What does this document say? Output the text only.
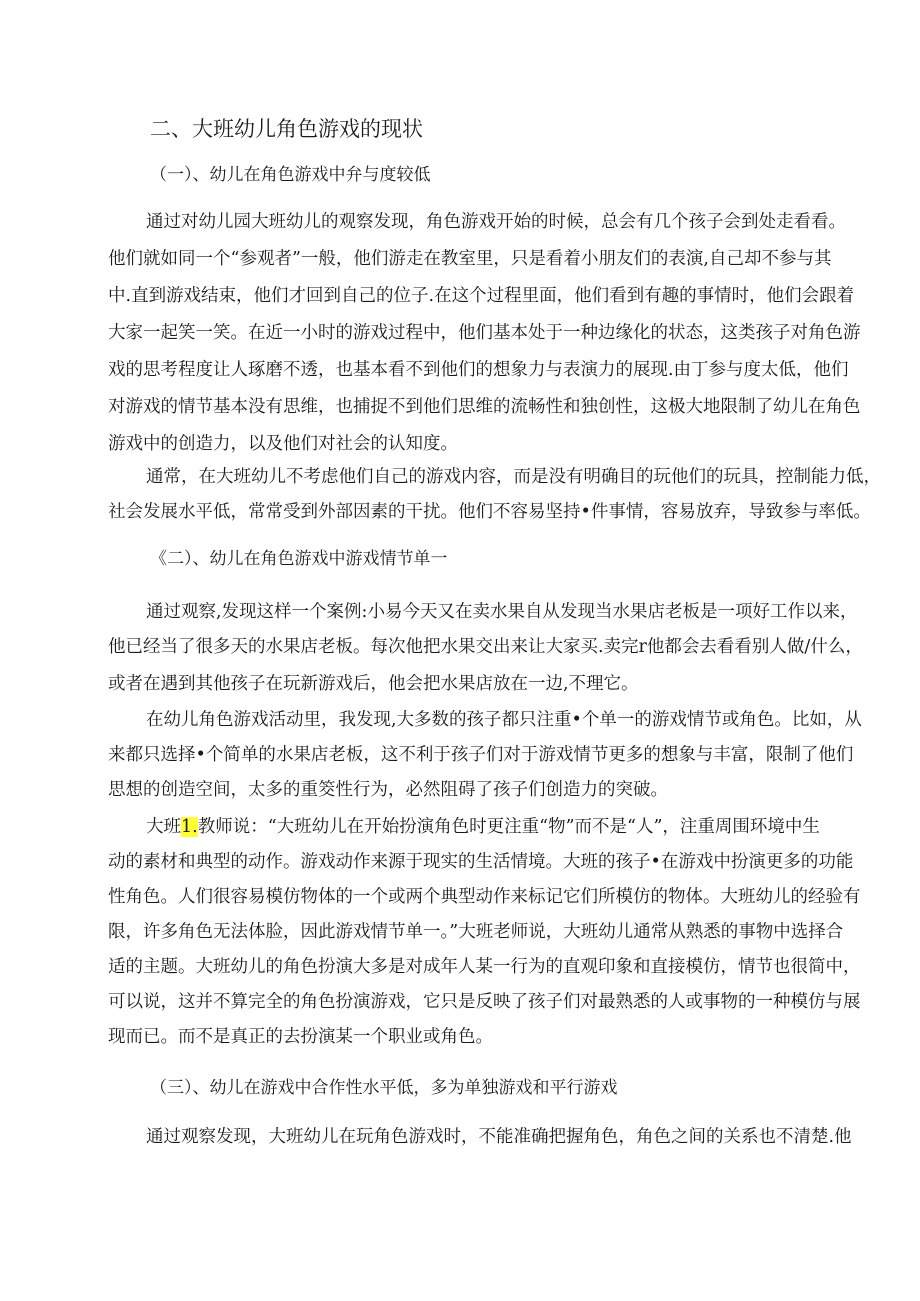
二、大班幼儿角色游戏的现状
（一）、幼儿在角色游戏中弁与度较低
通过对幼儿园大班幼儿的观察发现，角色游戏开始的时候，总会有几个孩子会到处走看看。
他们就如同一个“参观者”一般，他们游走在教室里，只是看着小朋友们的表演,自己却不参与其
中.直到游戏结束，他们才回到自己的位子.在这个过程里面，他们看到有趣的事情时，他们会跟着
大家一起笑一笑。在近一小时的游戏过程中，他们基本处于一种边缘化的状态，这类孩子对角色游
戏的思考程度让人琢磨不透，也基本看不到他们的想象力与表演力的展现.由丁参与度太低，他们
对游戏的情节基本没有思维，也捕捉不到他们思维的流畅性和独创性，这极大地限制了幼儿在角色
游戏中的创造力，以及他们对社会的认知度。
通常，在大班幼儿不考虑他们自己的游戏内容，而是没有明确目的玩他们的玩具，控制能力低，
社会发展水平低，常常受到外部因素的干扰。他们不容易坚持•件事情，容易放弃，导致参与率低。
《二）、幼儿在角色游戏中游戏情节单一
通过观察,发现这样一个案例:小易今天又在卖水果自从发现当水果店老板是一项好工作以来，
他已经当了很多天的水果店老板。每次他把水果交出来让大家买.卖完r他都会去看看别人做/什么，
或者在遇到其他孩子在玩新游戏后，他会把水果店放在一边,不理它。
在幼儿角色游戏活动里，我发现,大多数的孩子都只注重•个单一的游戏情节或角色。比如，从
来都只选择•个简单的水果店老板，这不利于孩子们对于游戏情节更多的想象与丰富，限制了他们
思想的创造空间，太多的重筊性行为，必然阻碍了孩子们创造力的突破。
大班1.教师说：“大班幼儿在开始扮演角色时更注重“物”而不是“人”，注重周围环境中生
动的素材和典型的动作。游戏动作来源于现实的生活情境。大班的孩子•在游戏中扮演更多的功能
性角色。人们很容易模仿物体的一个或两个典型动作来标记它们所模仿的物体。大班幼儿的经验有
限，许多角色无法体脸，因此游戏情节单一。”大班老师说，大班幼儿通常从熟悉的事物中选择合
适的主题。大班幼儿的角色扮演大多是对成年人某一行为的直观印象和直接模仿，情节也很简中，
可以说，这并不算完全的角色扮演游戏，它只是反映了孩子们对最熟悉的人或事物的一种模仿与展
现而已。而不是真正的去扮演某一个职业或角色。
（三）、幼儿在游戏中合作性水平低，多为单独游戏和平行游戏
通过观察发现，大班幼儿在玩角色游戏时，不能准确把握角色，角色之间的关系也不清楚.他
